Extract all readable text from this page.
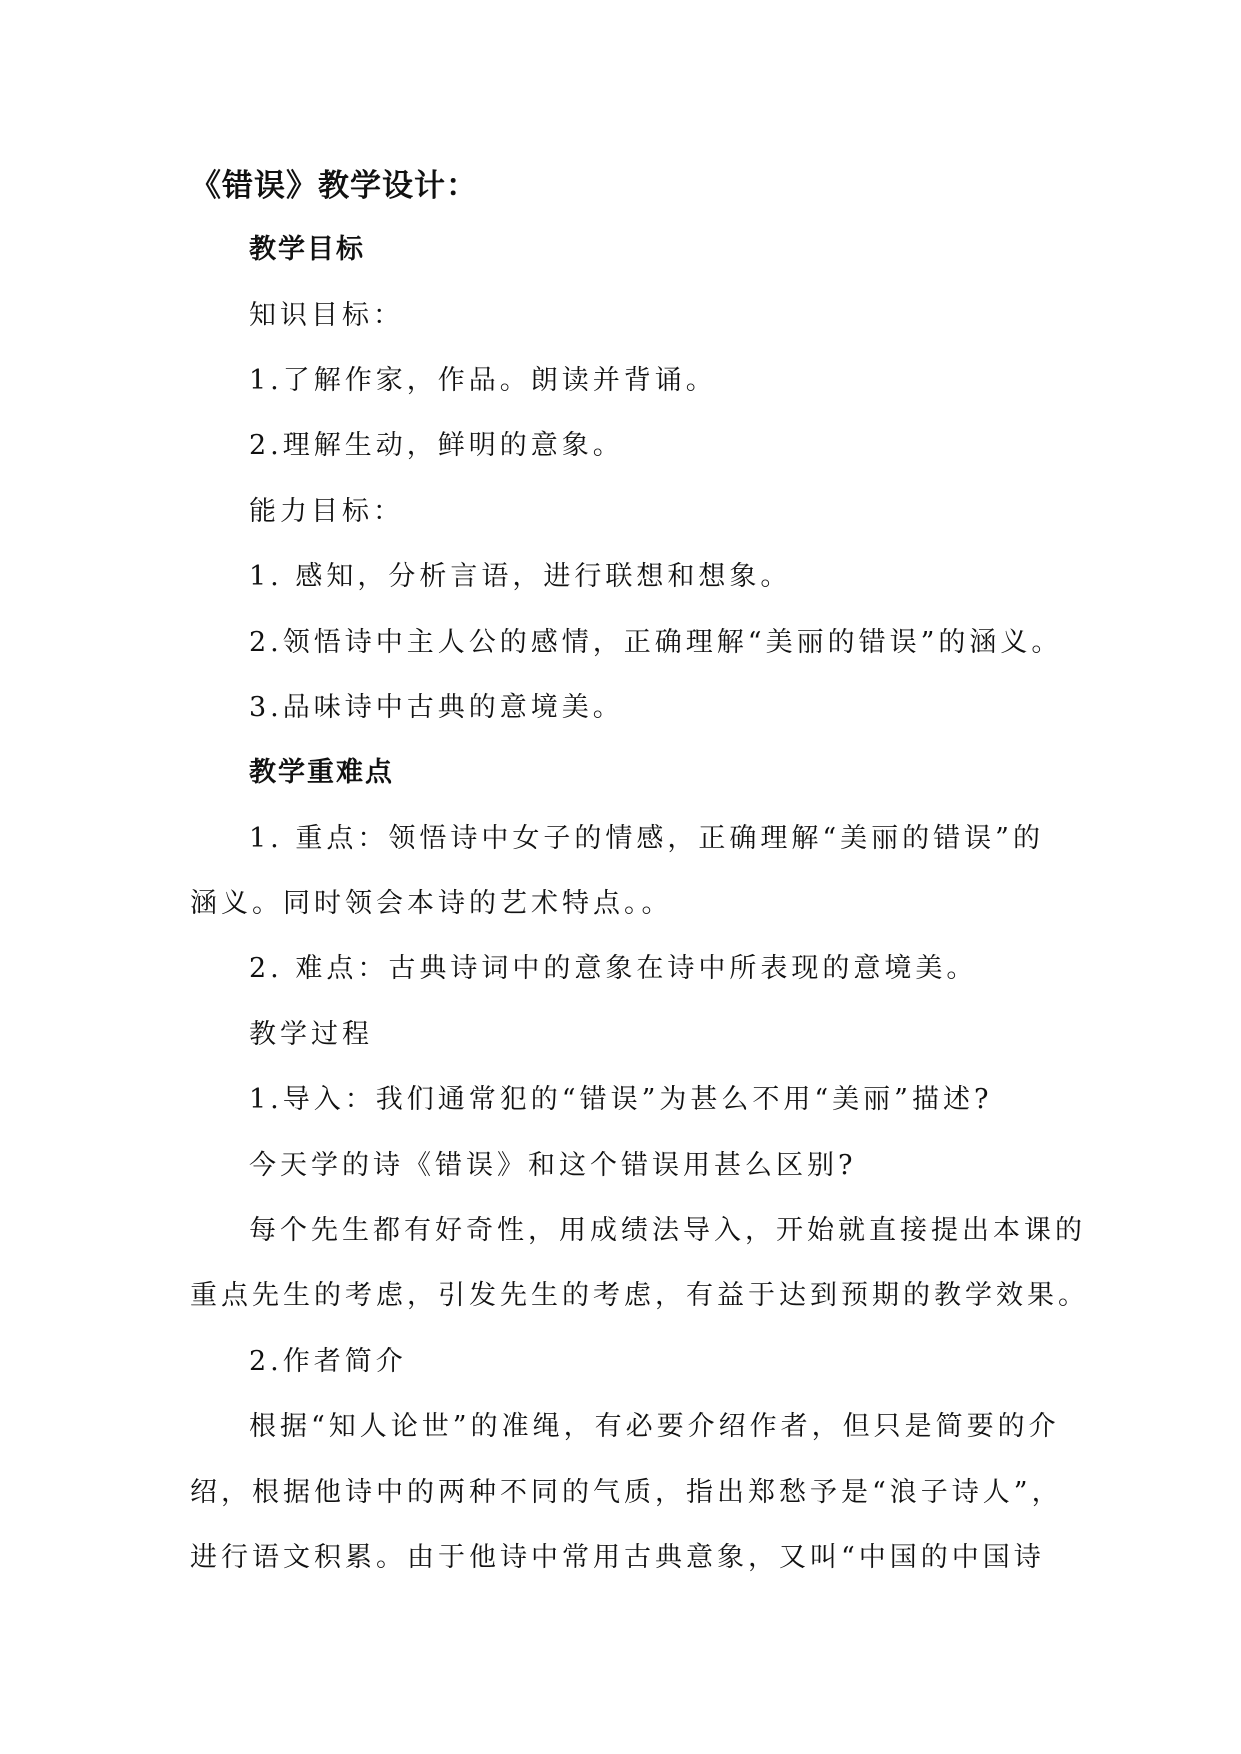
《错误》教学设计：
教学目标
知识目标：
1.了解作家，作品。朗读并背诵。
2.理解生动，鲜明的意象。
能力目标：
1. 感知，分析言语，进行联想和想象。
2.领悟诗中主人公的感情，正确理解“美丽的错误”的涵义。
3.品味诗中古典的意境美。
教学重难点
1. 重点：领悟诗中女子的情感，正确理解“美丽的错误”的
涵义。同时领会本诗的艺术特点。。
2. 难点：古典诗词中的意象在诗中所表现的意境美。
教学过程
1.导入：我们通常犯的“错误”为甚么不用“美丽”描述?
今天学的诗《错误》和这个错误用甚么区别?
每个先生都有好奇性，用成绩法导入，开始就直接提出本课的
重点先生的考虑，引发先生的考虑，有益于达到预期的教学效果。
2.作者简介
根据“知人论世”的准绳，有必要介绍作者，但只是简要的介
绍，根据他诗中的两种不同的气质，指出郑愁予是“浪子诗人”，
进行语文积累。由于他诗中常用古典意象，又叫“中国的中国诗
